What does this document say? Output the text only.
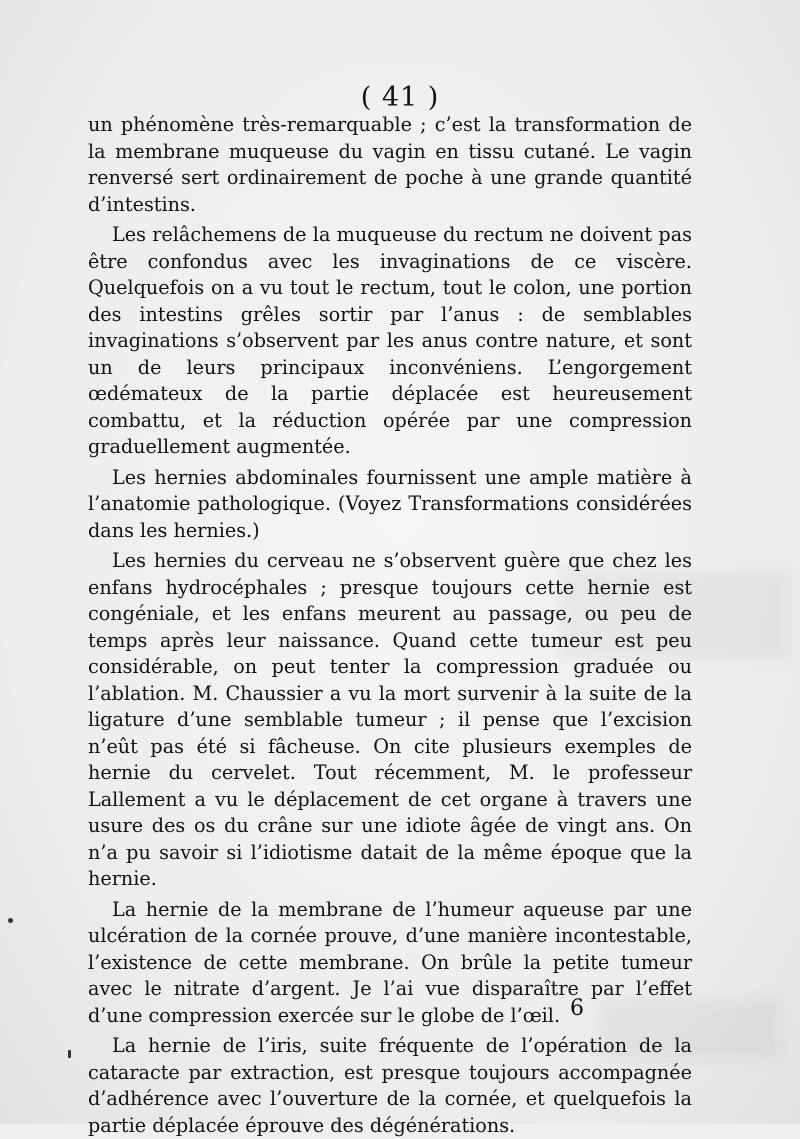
( 41 )

un phénomène très-remarquable ; c’est la transformation de la membrane muqueuse du vagin en tissu cutané. Le vagin renversé sert ordinairement de poche à une grande quantité d’intestins.

Les relâchemens de la muqueuse du rectum ne doivent pas être confondus avec les invaginations de ce viscère. Quelquefois on a vu tout le rectum, tout le colon, une portion des intestins grêles sortir par l’anus : de semblables invaginations s’observent par les anus contre nature, et sont un de leurs principaux inconvéniens. L’engorgement œdémateux de la partie déplacée est heureusement combattu, et la réduction opérée par une compression graduellement augmentée.

Les hernies abdominales fournissent une ample matière à l’anatomie pathologique. (Voyez Transformations considérées dans les hernies.)

Les hernies du cerveau ne s’observent guère que chez les enfans hydrocéphales ; presque toujours cette hernie est congéniale, et les enfans meurent au passage, ou peu de temps après leur naissance. Quand cette tumeur est peu considérable, on peut tenter la compression graduée ou l’ablation. M. Chaussier a vu la mort survenir à la suite de la ligature d’une semblable tumeur ; il pense que l’excision n’eût pas été si fâcheuse. On cite plusieurs exemples de hernie du cervelet. Tout récemment, M. le professeur Lallement a vu le déplacement de cet organe à travers une usure des os du crâne sur une idiote âgée de vingt ans. On n’a pu savoir si l’idiotisme datait de la même époque que la hernie.

La hernie de la membrane de l’humeur aqueuse par une ulcération de la cornée prouve, d’une manière incontestable, l’existence de cette membrane. On brûle la petite tumeur avec le nitrate d’argent. Je l’ai vue disparaître par l’effet d’une compression exercée sur le globe de l’œil.

La hernie de l’iris, suite fréquente de l’opération de la cataracte par extraction, est presque toujours accompagnée d’adhérence avec l’ouverture de la cornée, et quelquefois la partie déplacée éprouve des dégénérations.

6
